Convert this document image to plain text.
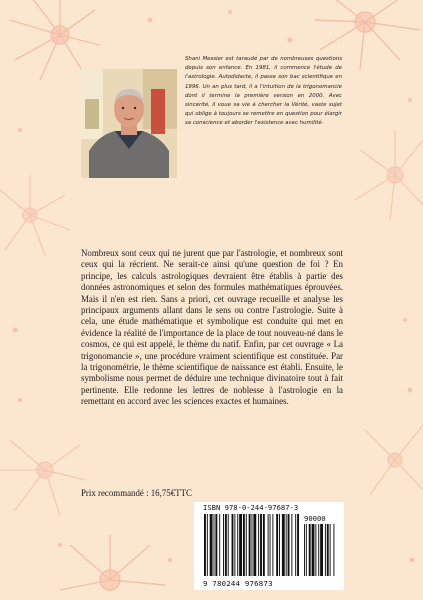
Shani Messier est taraudé par de nombreuses questions depuis son enfance. En 1981, il commence l'étude de l'astrologie. Autodidacte, il passe son bac scientifique en 1996. Un an plus tard, il a l'intuition de la trigonomancie dont il termine la première version en 2000. Avec sincérité, il voue sa vie à chercher la Vérité, vaste sujet qui oblige à toujours se remettre en question pour élargir sa conscience et aborder l'existence avec humilité.

Nombreux sont ceux qui ne jurent que par l'astrologie, et nombreux sont ceux qui la récrient. Ne serait-ce ainsi qu'une question de foi ? En principe, les calculs astrologiques devraient être établis à partie des données astronomiques et selon des formules mathématiques éprouvées. Mais il n'en est rien. Sans a priori, cet ouvrage recueille et analyse les principaux arguments allant dans le sens ou contre l'astrologie. Suite à cela, une étude mathématique et symbolique est conduite qui met en évidence la réalité de l'importance de la place de tout nouveau-né dans le cosmos, ce qui est appelé, le thème du natif. Enfin, par cet ouvrage « La trigonomancie », une procédure vraiment scientifique est constituée. Par la trigonométrie, le thème scientifique de naissance est établi. Ensuite, le symbolisme nous permet de déduire une technique divinatoire tout à fait pertinente. Elle redonne les lettres de noblesse à l'astrologie en la remettant en accord avec les sciences exactes et humaines.

Prix recommandé : 16,75€TTC

ISBN 978-0-244-97687-3
90000
9 780244 976873
